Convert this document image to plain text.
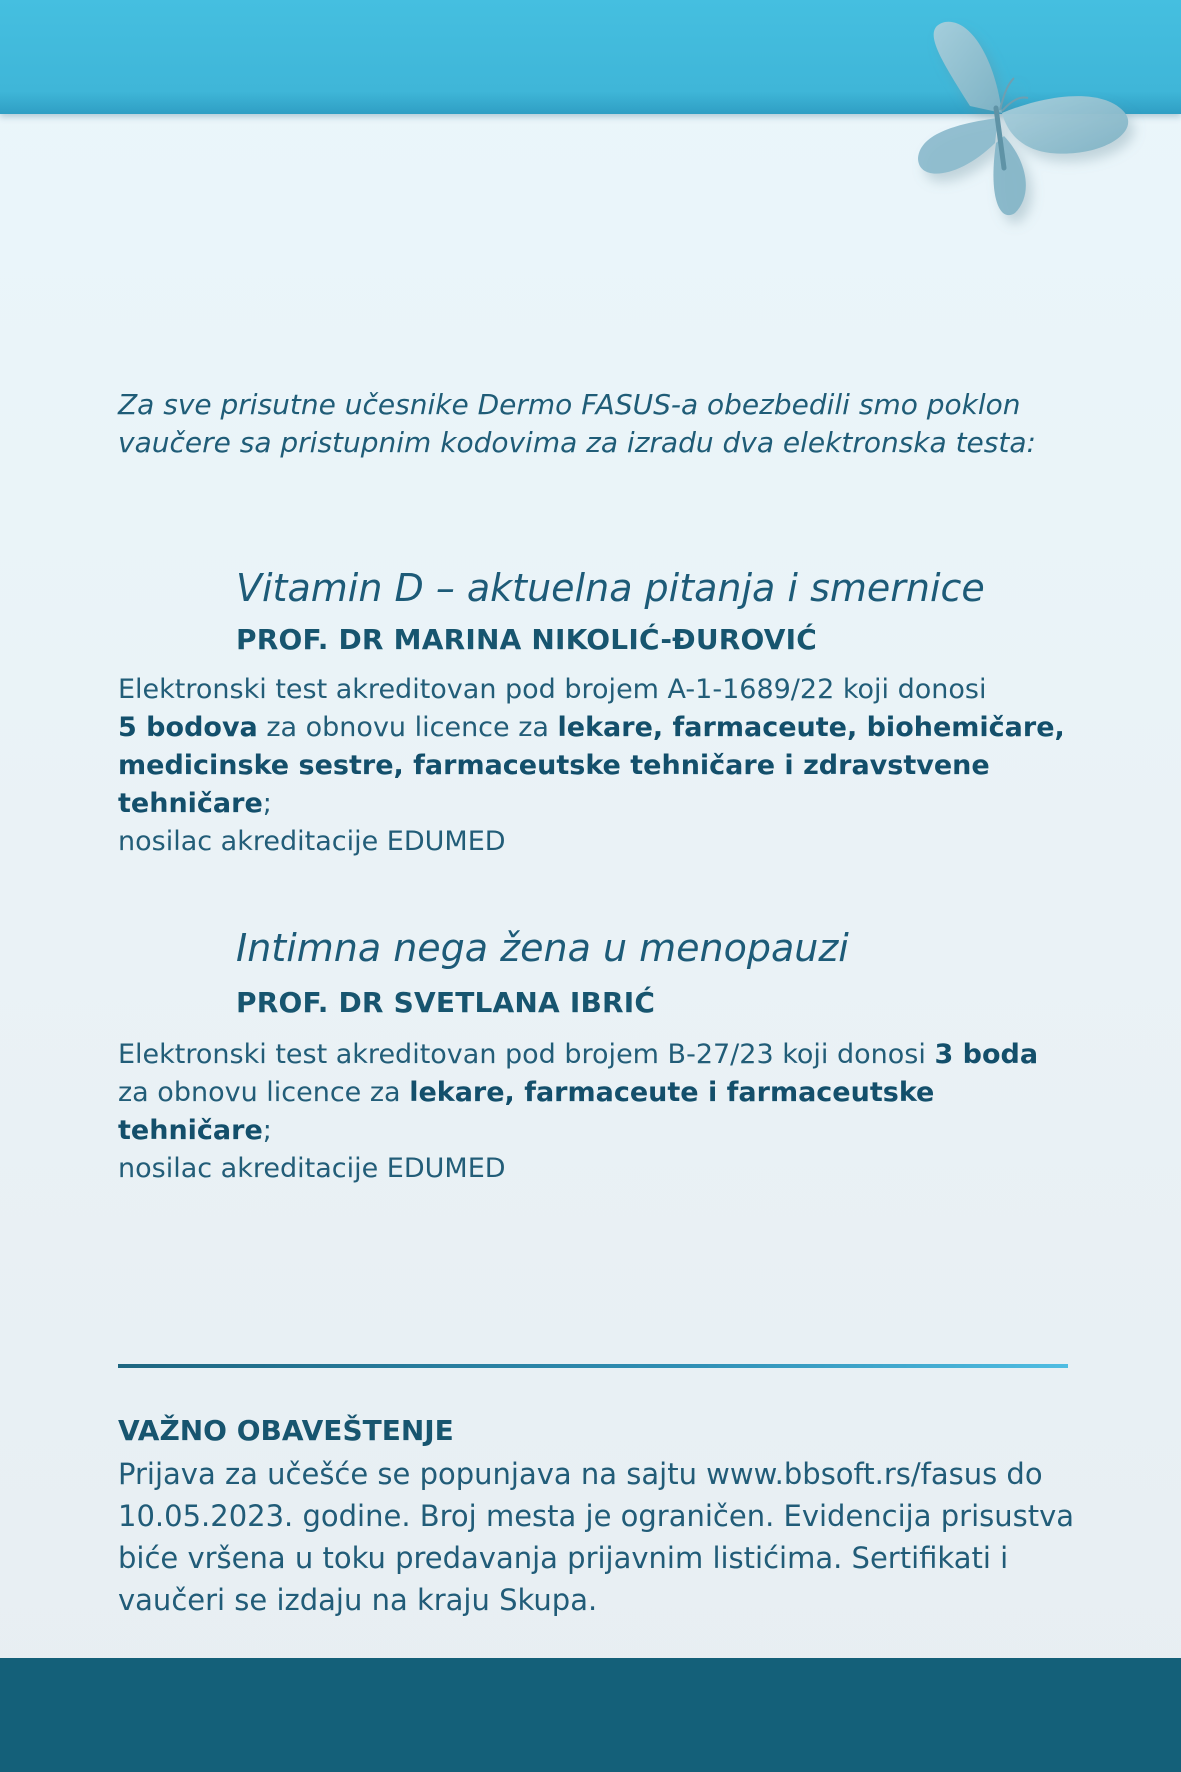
Za sve prisutne učesnike Dermo FASUS-a obezbedili smo poklon
vaučere sa pristupnim kodovima za izradu dva elektronska testa:

Vitamin D – aktuelna pitanja i smernice

PROF. DR MARINA NIKOLIĆ-ĐUROVIĆ

Elektronski test akreditovan pod brojem A-1-1689/22 koji donosi
5 bodova za obnovu licence za lekare, farmaceute, biohemičare, medicinske sestre, farmaceutske tehničare i zdravstvene tehničare;
nosilac akreditacije EDUMED

Intimna nega žena u menopauzi

PROF. DR SVETLANA IBRIĆ

Elektronski test akreditovan pod brojem B-27/23 koji donosi 3 boda
za obnovu licence za lekare, farmaceute i farmaceutske tehničare;
nosilac akreditacije EDUMED

VAŽNO OBAVEŠTENJE

Prijava za učešće se popunjava na sajtu www.bbsoft.rs/fasus do 10.05.2023. godine. Broj mesta je ograničen. Evidencija prisustva biće vršena u toku predavanja prijavnim listićima. Sertifikati i vaučeri se izdaju na kraju Skupa.
